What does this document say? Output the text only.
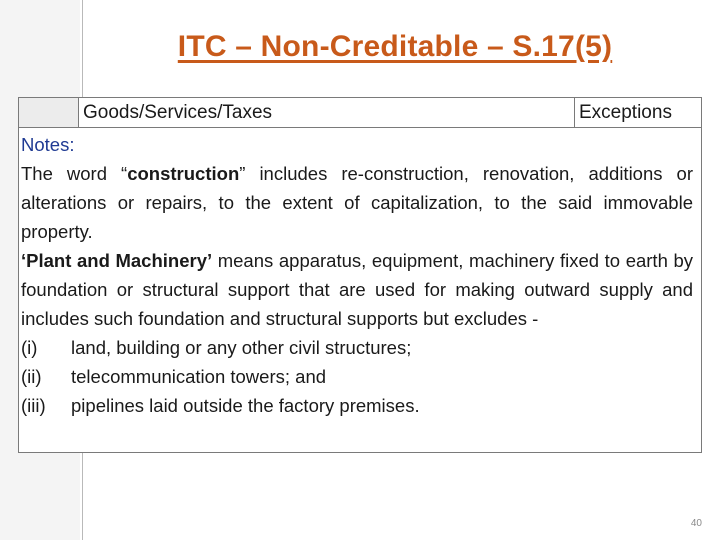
ITC – Non-Creditable – S.17(5)
Goods/Services/Taxes	Exceptions

Notes:

The word “construction” includes re-construction, renovation, additions or alterations or repairs, to the extent of capitalization, to the said immovable property.

‘Plant and Machinery’ means apparatus, equipment, machinery fixed to earth by foundation or structural support that are used for making outward supply and includes such foundation and structural supports but excludes -

(i)	land, building or any other civil structures;
(ii)	telecommunication towers; and
(iii)	pipelines laid outside the factory premises.
40
